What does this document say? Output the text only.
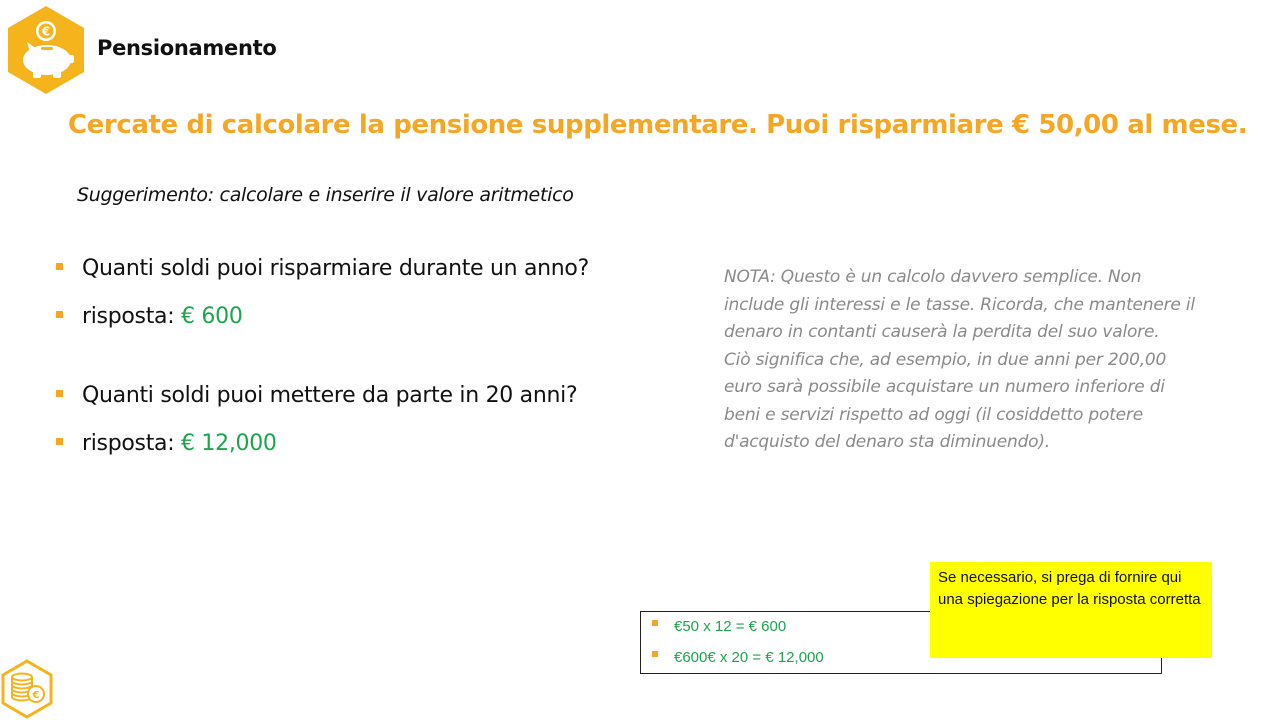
€
Pensionamento
Cercate di calcolare la pensione supplementare. Puoi risparmiare € 50,00 al mese.
Suggerimento: calcolare e inserire il valore aritmetico
Quanti soldi puoi risparmiare durante un anno?
risposta: € 600
Quanti soldi puoi mettere da parte in 20 anni?
risposta: € 12,000
NOTA: Questo è un calcolo davvero semplice. Non
include gli interessi e le tasse. Ricorda, che mantenere il
denaro in contanti causerà la perdita del suo valore.
Ciò significa che, ad esempio, in due anni per 200,00
euro sarà possibile acquistare un numero inferiore di
beni e servizi rispetto ad oggi (il cosiddetto potere
d'acquisto del denaro sta diminuendo).
€50 x 12 = € 600
€600€ x 20 = € 12,000
Se necessario, si prega di fornire qui una spiegazione per la risposta corretta
€
